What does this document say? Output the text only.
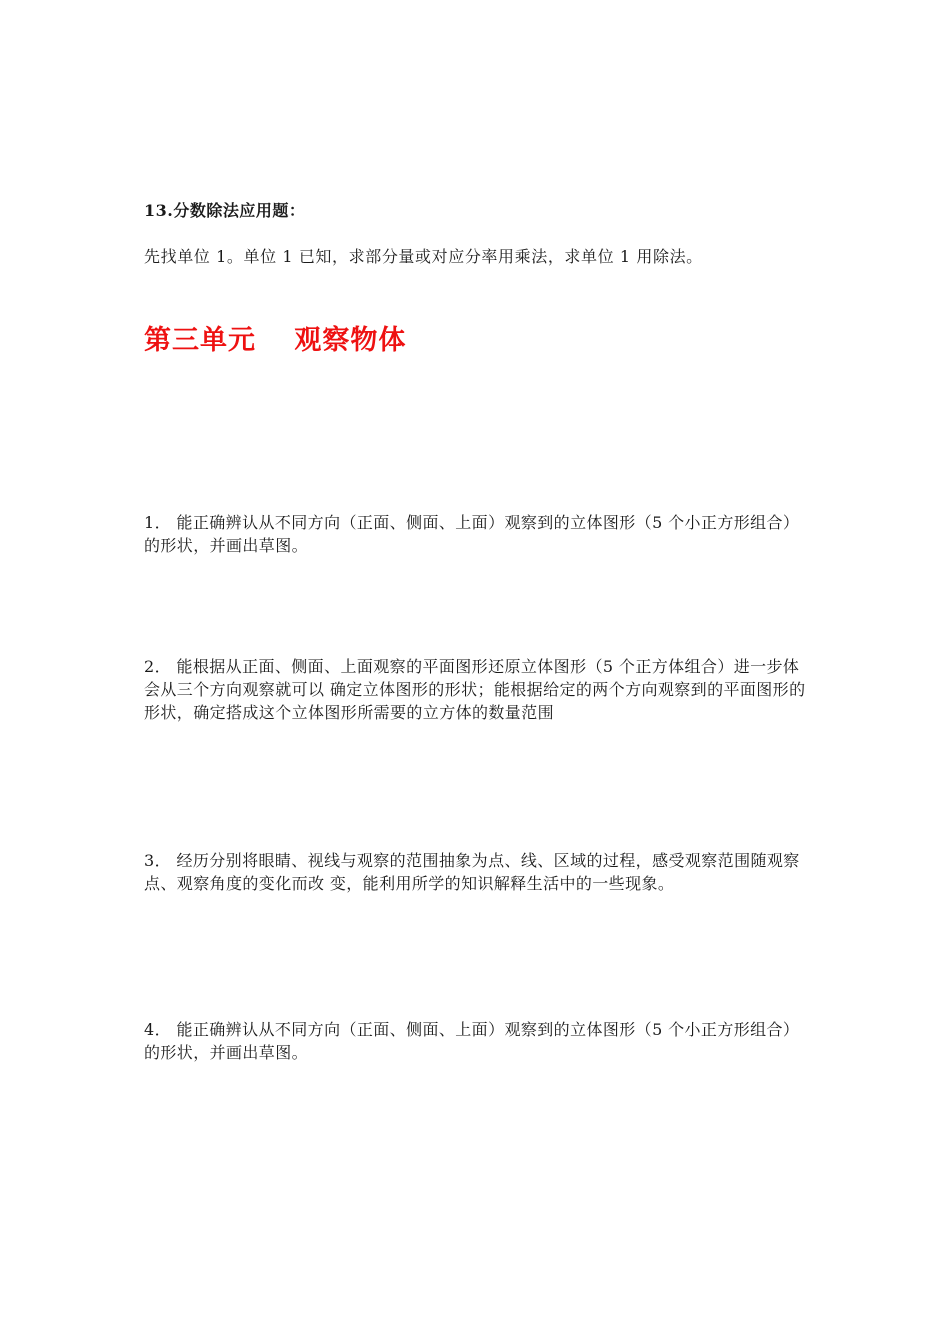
13.分数除法应用题：

先找单位 1。单位 1 已知，求部分量或对应分率用乘法，求单位 1 用除法。

第三单元　 观察物体

1． 能正确辨认从不同方向（正面、侧面、上面）观察到的立体图形（5 个小正方形组合）的形状，并画出草图。

2． 能根据从正面、侧面、上面观察的平面图形还原立体图形（5 个正方体组合）进一步体会从三个方向观察就可以 确定立体图形的形状；能根据给定的两个方向观察到的平面图形的形状，确定搭成这个立体图形所需要的立方体的数量范围

3． 经历分别将眼睛、视线与观察的范围抽象为点、线、区域的过程，感受观察范围随观察点、观察角度的变化而改 变，能利用所学的知识解释生活中的一些现象。

4． 能正确辨认从不同方向（正面、侧面、上面）观察到的立体图形（5 个小正方形组合）的形状，并画出草图。
